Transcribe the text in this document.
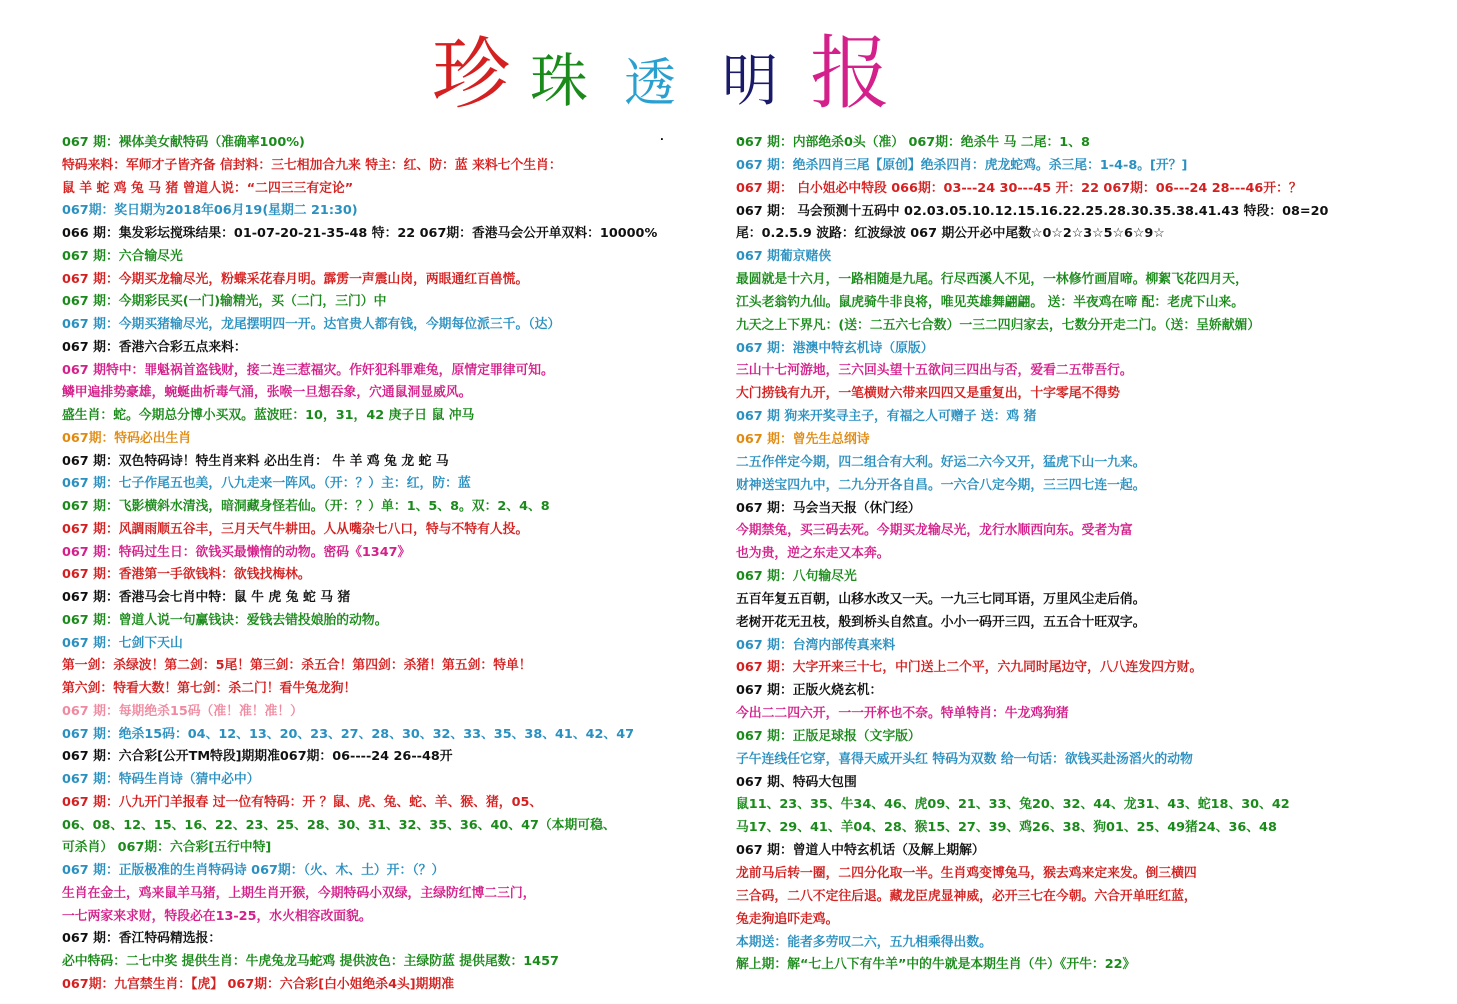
珍 珠 透 明 报
. .
067 期：裸体美女献特码（准确率100%)
特码来料：军师才子皆齐备 信封料：三七相加合九来 特主：红、防：蓝 来料七个生肖：
鼠 羊 蛇 鸡 兔 马 猪 曾道人说：“二四三三有定论”
067期：奖日期为2018年06月19(星期二 21:30)
066 期：集发彩坛搅珠结果：01-07-20-21-35-48 特：22 067期：香港马会公开单双料：10000%
067 期：六合输尽光
067 期：今期买龙输尽光，粉蝶采花春月明。霹雳一声震山岗，两眼通红百兽慌。
067 期：今期彩民买(一门)输精光，买（二门，三门）中
067 期：今期买猪输尽光，龙尾摆明四一开。达官贵人都有钱，今期每位派三千。（达）
067 期：香港六合彩五点来料：
067 期特中：罪魁祸首盗钱财，接二连三惹福灾。作奸犯科罪难兔，原情定罪律可知。
鳞甲遍排势豪雄，蜿蜒曲析毒气涌，张喉一旦想吞象，穴通鼠洞显威风。
盛生肖：蛇。今期总分博小买双。蓝波旺：10，31，42 庚子日 鼠 冲马
067期：特码必出生肖
067 期：双色特码诗！特生肖来料 必出生肖： 牛 羊 鸡 兔 龙 蛇 马
067 期：七子作尾五也美，八九走来一阵风。（开：？）主：红，防：蓝
067 期：飞影横斜水清浅，暗洞藏身怪若仙。（开：？）单：1、5、8。双：2、4、8
067 期：风調雨顺五谷丰，三月天气牛耕田。人从嘴杂七八口，特与不特有人投。
067 期：特码过生日：欲钱买最懒惰的动物。密码《1347》
067 期：香港第一手欲钱料：欲钱找梅林。
067 期：香港马会七肖中特：鼠 牛 虎 兔 蛇 马 猪
067 期：曾道人说一句赢钱诀：爱钱去错投娘胎的动物。
067 期：七剑下天山
第一剑：杀绿波！第二剑：5尾！第三剑：杀五合！第四剑：杀猪！第五剑：特单！
第六剑：特看大数！第七剑：杀二门！看牛兔龙狗！
067 期：每期绝杀15码（准！准！准！）
067 期：绝杀15码：04、12、13、20、23、27、28、30、32、33、35、38、41、42、47
067 期：六合彩[公开TM特段]期期准067期：06----24 26--48开
067 期：特码生肖诗（猜中必中）
067 期：八九开门羊报春 过一位有特码：开 ？鼠、虎、兔、蛇、羊、猴、猪，05、
06、08、12、15、16、22、23、25、28、30、31、32、35、36、40、47（本期可稳、
可杀肖） 067期：六合彩[五行中特]
067 期：正版极准的生肖特码诗 067期：（火、木、土）开：（？）
生肖在金土，鸡来鼠羊马猪，上期生肖开猴，今期特码小双绿，主绿防红博二三门，
一七两家来求财，特段必在13-25，水火相容改面貌。
067 期：香江特码精选报：
必中特码：二七中奖 提供生肖：牛虎兔龙马蛇鸡 提供波色：主绿防蓝 提供尾数：1457
067期：九宫禁生肖：【虎】 067期：六合彩[白小姐绝杀4头]期期准
067 期：内部绝杀0头（准） 067期：绝杀牛 马 二尾：1、8
067 期：绝杀四肖三尾【原创】绝杀四肖：虎龙蛇鸡。杀三尾：1-4-8。[开？]
067 期： 白小姐必中特段 066期：03---24 30---45 开：22 067期：06---24 28---46开：？
067 期： 马会预测十五码中 02.03.05.10.12.15.16.22.25.28.30.35.38.41.43 特段：08=20
尾：0.2.5.9 波路：红波绿波 067 期公开必中尾数☆0☆2☆3☆5☆6☆9☆
067 期葡京赌侠
最圆就是十六月，一路相随是九尾。行尽西溪人不见，一林修竹画眉啼。柳絮飞花四月天，
江头老翁钓九仙。鼠虎骑牛非良将，唯见英雄舞翩翩。 送：半夜鸡在啼 配：老虎下山来。
九天之上下界凡：(送：二五六七合数）一三二四归家去，七数分开走二门。（送：呈娇献媚）
067 期：港澳中特玄机诗（原版）
三山十七河游地，三六回头望十五欲问三四出与否，爱看二五带吾行。
大门捞钱有九开，一笔横财六带来四四又是重复出，十字零尾不得势
067 期 狗来开奖寻主子，有福之人可赠子 送：鸡 猪
067 期：曾先生总纲诗
二五作伴定今期，四二组合有大利。好运二六今又开，猛虎下山一九来。
财神送宝四九中，二九分开各自昌。一六合八定今期，三三四七连一起。
067 期：马会当天报（休门经）
今期禁兔，买三码去死。今期买龙输尽光，龙行水顺西向东。受者为富
也为贵，逆之东走又本奔。
067 期：八句输尽光
五百年复五百朝，山移水改又一天。一九三七同耳语，万里风尘走后俏。
老树开花无丑枝，般到桥头自然直。小小一码开三四，五五合十旺双字。
067 期：台湾内部传真来料
067 期：大字开来三十七，中门送上二个平，六九同时尾边守，八八连发四方财。
067 期：正版火烧玄机：
今出二二四六开，一一开杯也不奈。特单特肖：牛龙鸡狗猪
067 期：正版足球报（文字版）
子午连线任它穿，喜得天威开头红 特码为双数 给一句话：欲钱买赴汤滔火的动物
067 期、特码大包围
鼠11、23、35、牛34、46、虎09、21、33、兔20、32、44、龙31、43、蛇18、30、42
马17、29、41、羊04、28、猴15、27、39、鸡26、38、狗01、25、49猪24、36、48
067 期：曾道人中特玄机话（及解上期解）
龙前马后转一圈，二四分化取一半。生肖鸡变博兔马，猴去鸡来定来发。倒三横四
三合码，二八不定往后退。藏龙臣虎显神威，必开三七在今朝。六合开单旺红蓝，
兔走狗追吓走鸡。
本期送：能者多劳叹二六，五九相乘得出数。
解上期：解“七上八下有牛羊”中的牛就是本期生肖（牛）《开牛：22》
